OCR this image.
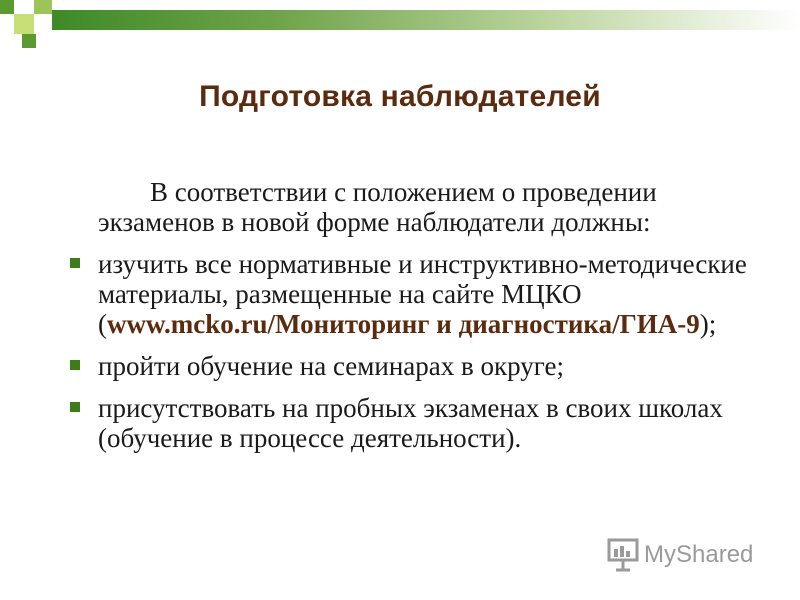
Подготовка наблюдателей

В соответствии с положением о проведении экзаменов в новой форме наблюдатели должны:

изучить все нормативные и инструктивно-методические материалы, размещенные на сайте МЦКО (www.mcko.ru/Мониторинг и диагностика/ГИА-9);
пройти обучение на семинарах в округе;
присутствовать на пробных экзаменах в своих школах (обучение в процессе деятельности).
MyShared
